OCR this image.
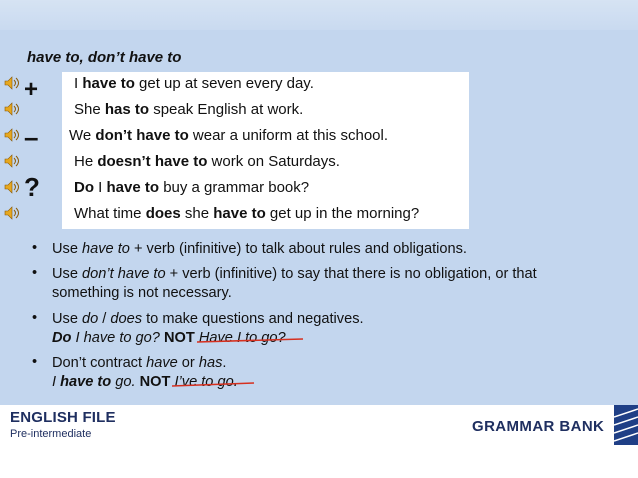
have to, don’t have to
+
–
?
I have to get up at seven every day.
She has to speak English at work.
We don’t have to wear a uniform at this school.
He doesn’t have to work on Saturdays.
Do I have to buy a grammar book?
What time does she have to get up in the morning?
• Use have to + verb (infinitive) to talk about rules and obligations.
• Use don’t have to + verb (infinitive) to say that there is no obligation, or that
something is not necessary.
• Use do / does to make questions and negatives.
Do I have to go? NOT Have I to go?
• Don’t contract have or has.
I have to go. NOT I’ve to go.
ENGLISH FILE
Pre-intermediate	GRAMMAR BANK
